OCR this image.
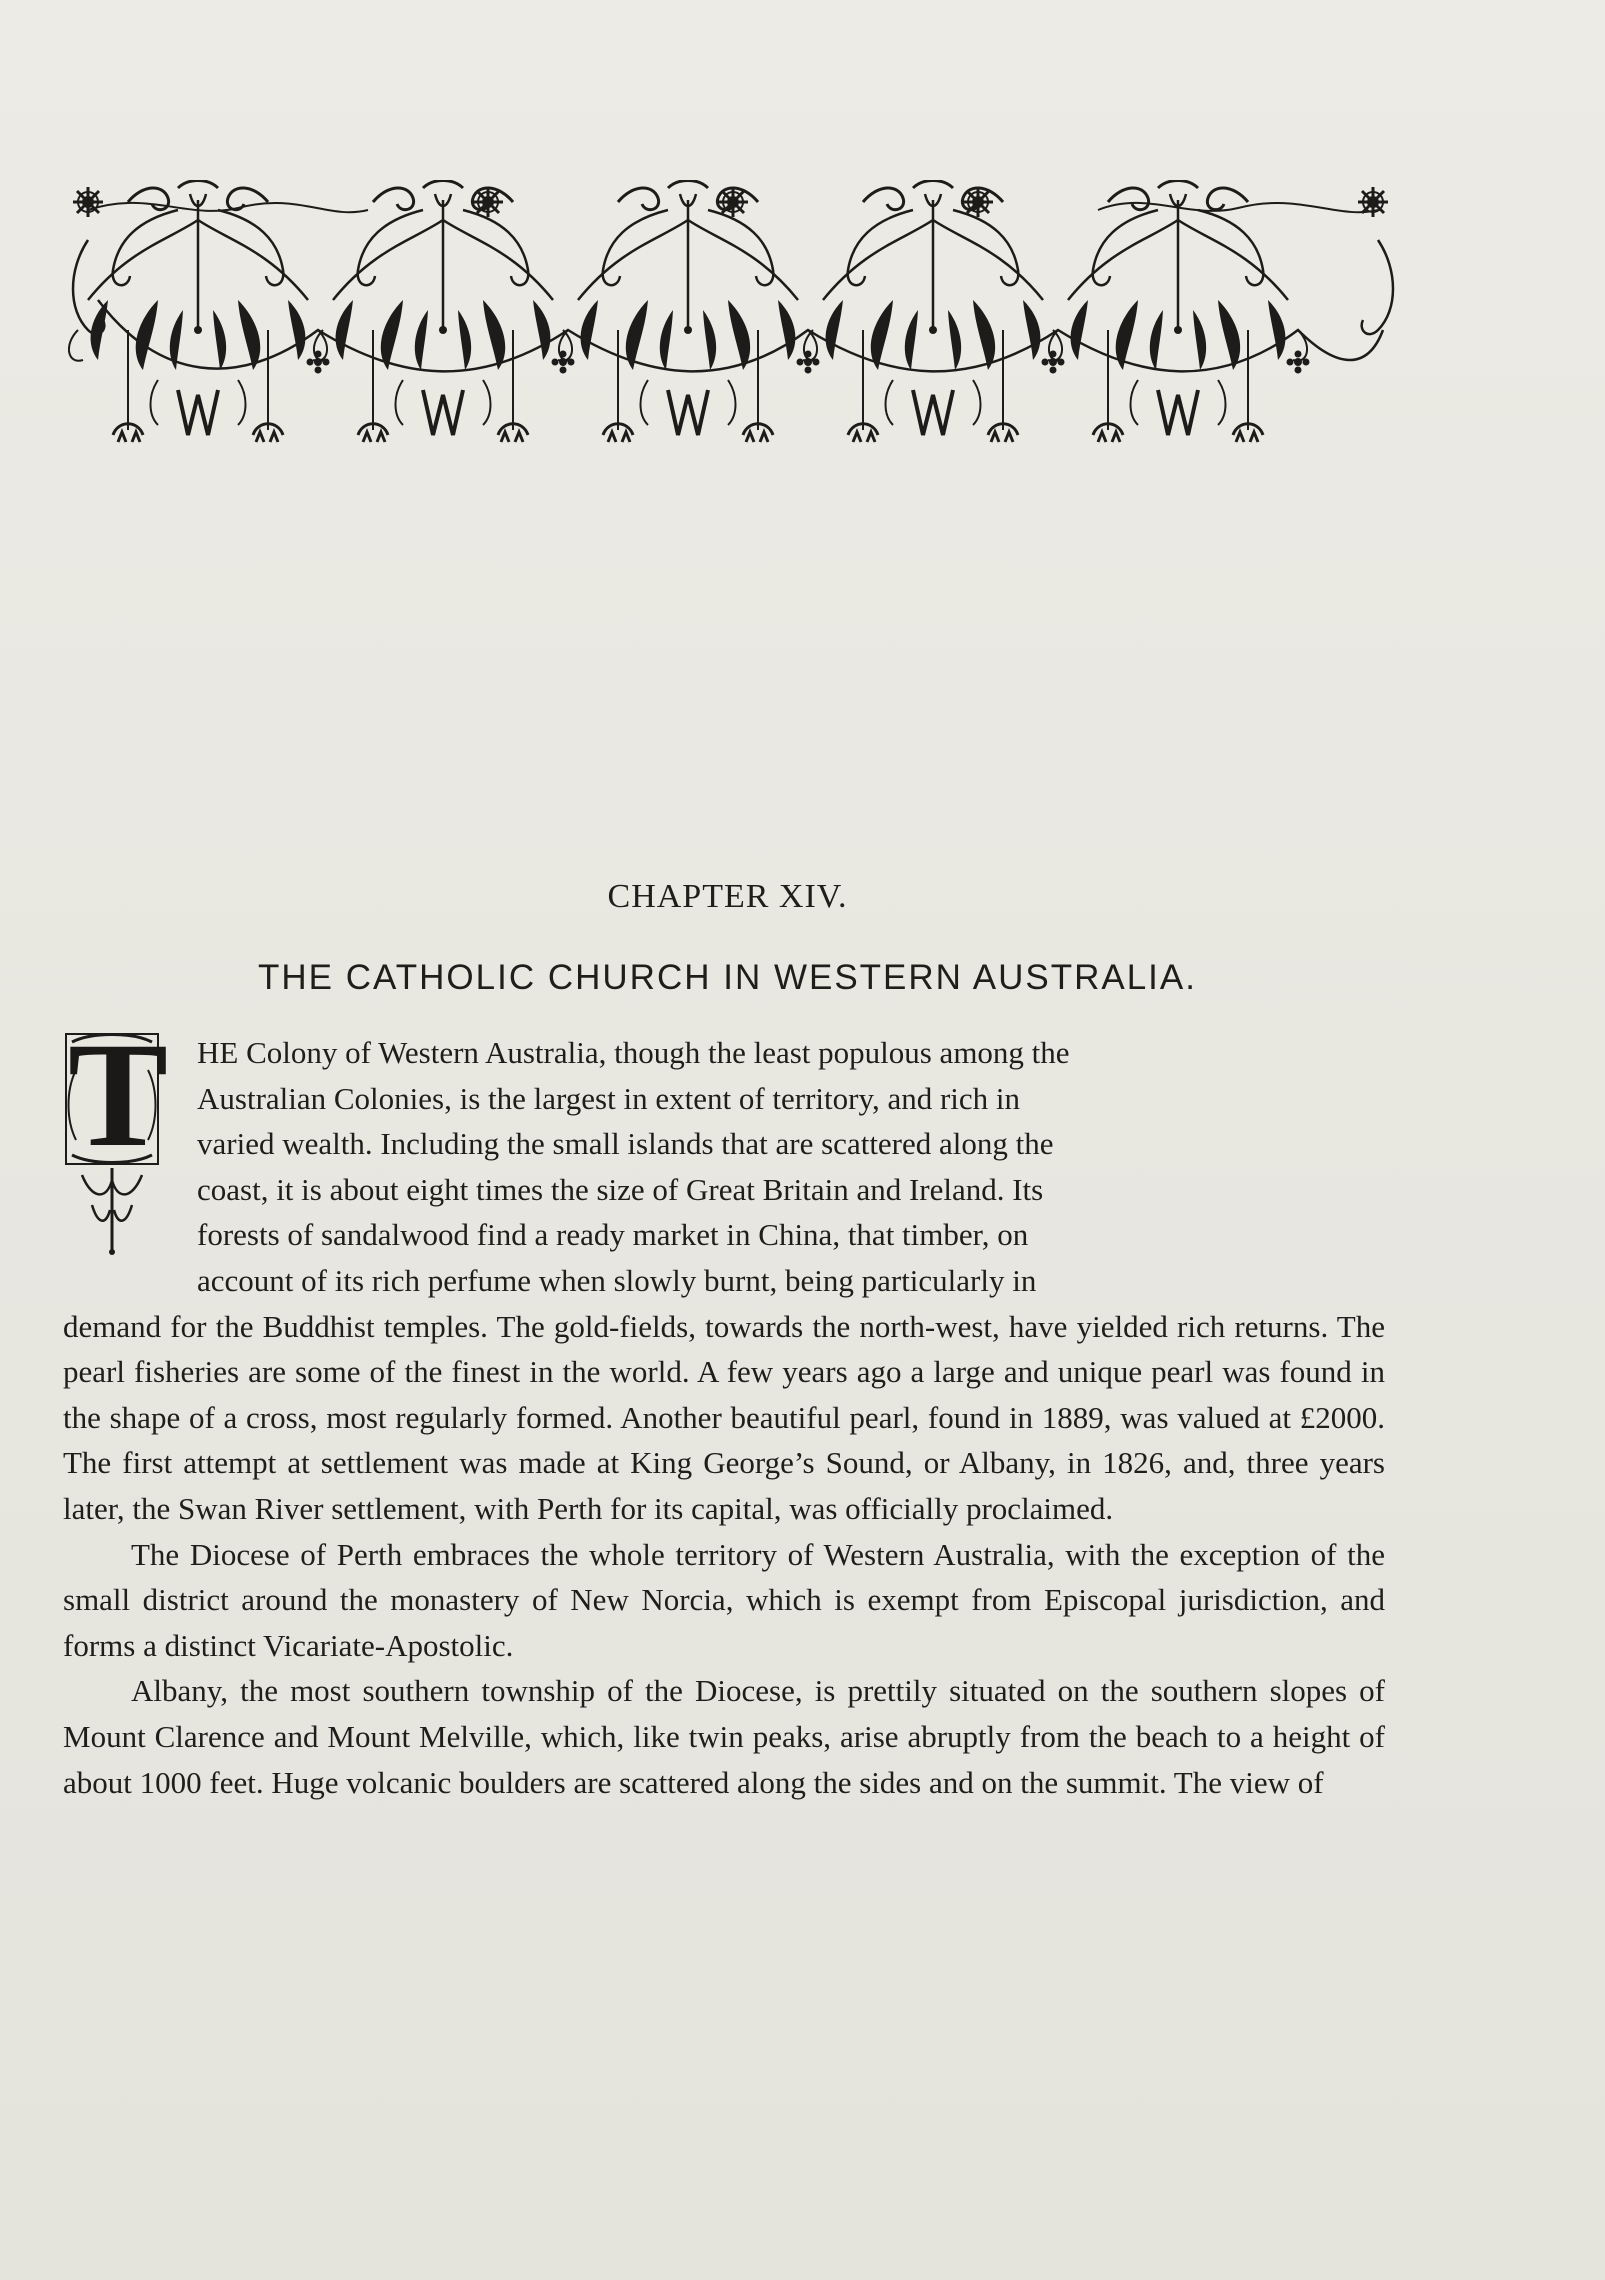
CHAPTER XIV.
THE CATHOLIC CHURCH IN WESTERN AUSTRALIA.
T HE Colony of Western Australia, though the least populous among the
Australian Colonies, is the largest in extent of territory, and rich in
varied wealth. Including the small islands that are scattered along the
coast, it is about eight times the size of Great Britain and Ireland. Its
forests of sandalwood find a ready market in China, that timber, on
account of its rich perfume when slowly burnt, being particularly in
demand for the Buddhist temples. The gold-fields, towards the north-west, have yielded rich returns. The pearl fisheries are some of the finest in the world. A few years ago a large and unique pearl was found in the shape of a cross, most regularly formed. Another beautiful pearl, found in 1889, was valued at £2000. The first attempt at settlement was made at King George’s Sound, or Albany, in 1826, and, three years later, the Swan River settlement, with Perth for its capital, was officially proclaimed.

The Diocese of Perth embraces the whole territory of Western Australia, with the exception of the small district around the monastery of New Norcia, which is exempt from Episcopal jurisdiction, and forms a distinct Vicariate-Apostolic.

Albany, the most southern township of the Diocese, is prettily situated on the southern slopes of Mount Clarence and Mount Melville, which, like twin peaks, arise abruptly from the beach to a height of about 1000 feet. Huge volcanic boulders are scattered along the sides and on the summit. The view of
